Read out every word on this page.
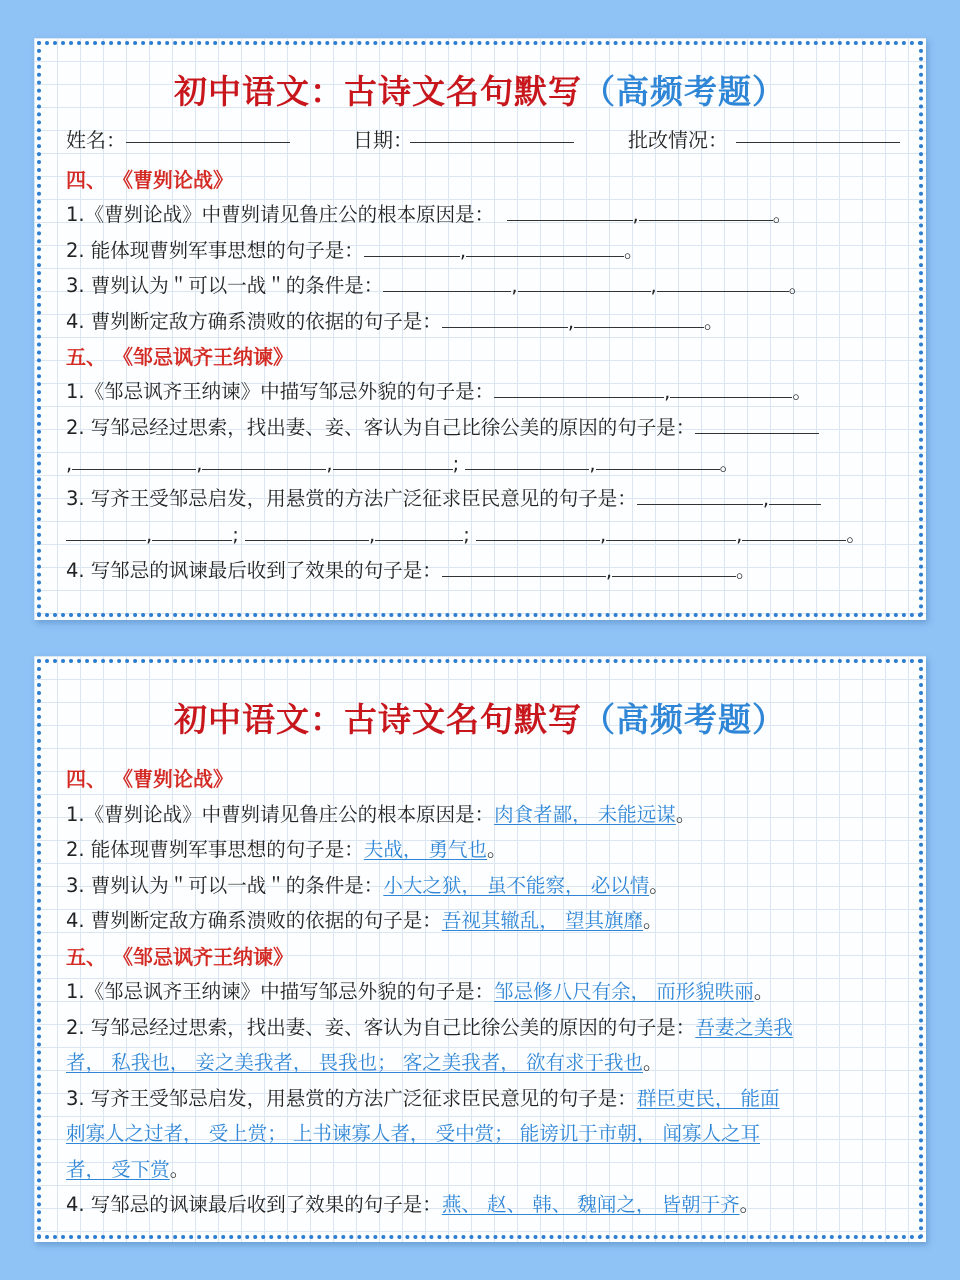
初中语文：古诗文名句默写（高频考题）
姓名：	日期：	批改情况：
四、 《曹刿论战》
1.《曹刿论战》中曹刿请见鲁庄公的根本原因是：	,	。
2. 能体现曹刿军事思想的句子是：	,	。
3. 曹刿认为＂可以一战＂的条件是：	,	,	。
4. 曹刿断定敌方确系溃败的依据的句子是：	,	。
五、 《邹忌讽齐王纳谏》
1.《邹忌讽齐王纳谏》中描写邹忌外貌的句子是：	,	。
2. 写邹忌经过思索，找出妻、妾、客认为自己比徐公美的原因的句子是：
,	,	,	;	,	。
3. 写齐王受邹忌启发，用悬赏的方法广泛征求臣民意见的句子是：	,
,	;	,	;	,	,	。
4. 写邹忌的讽谏最后收到了效果的句子是：	,	。
初中语文：古诗文名句默写（高频考题）
四、 《曹刿论战》
1.《曹刿论战》中曹刿请见鲁庄公的根本原因是：肉食者鄙， 未能远谋。
2. 能体现曹刿军事思想的句子是：夫战， 勇气也。
3. 曹刿认为＂可以一战＂的条件是：小大之狱， 虽不能察， 必以情。
4. 曹刿断定敌方确系溃败的依据的句子是：吾视其辙乱， 望其旗靡。
五、 《邹忌讽齐王纳谏》
1.《邹忌讽齐王纳谏》中描写邹忌外貌的句子是：邹忌修八尺有余， 而形貌昳丽。
2. 写邹忌经过思索，找出妻、妾、客认为自己比徐公美的原因的句子是：吾妻之美我
者， 私我也， 妾之美我者， 畏我也； 客之美我者， 欲有求于我也。
3. 写齐王受邹忌启发，用悬赏的方法广泛征求臣民意见的句子是：群臣吏民， 能面
刺寡人之过者， 受上赏； 上书谏寡人者， 受中赏； 能谤讥于市朝， 闻寡人之耳
者， 受下赏。
4. 写邹忌的讽谏最后收到了效果的句子是：燕、 赵、 韩、 魏闻之， 皆朝于齐。
